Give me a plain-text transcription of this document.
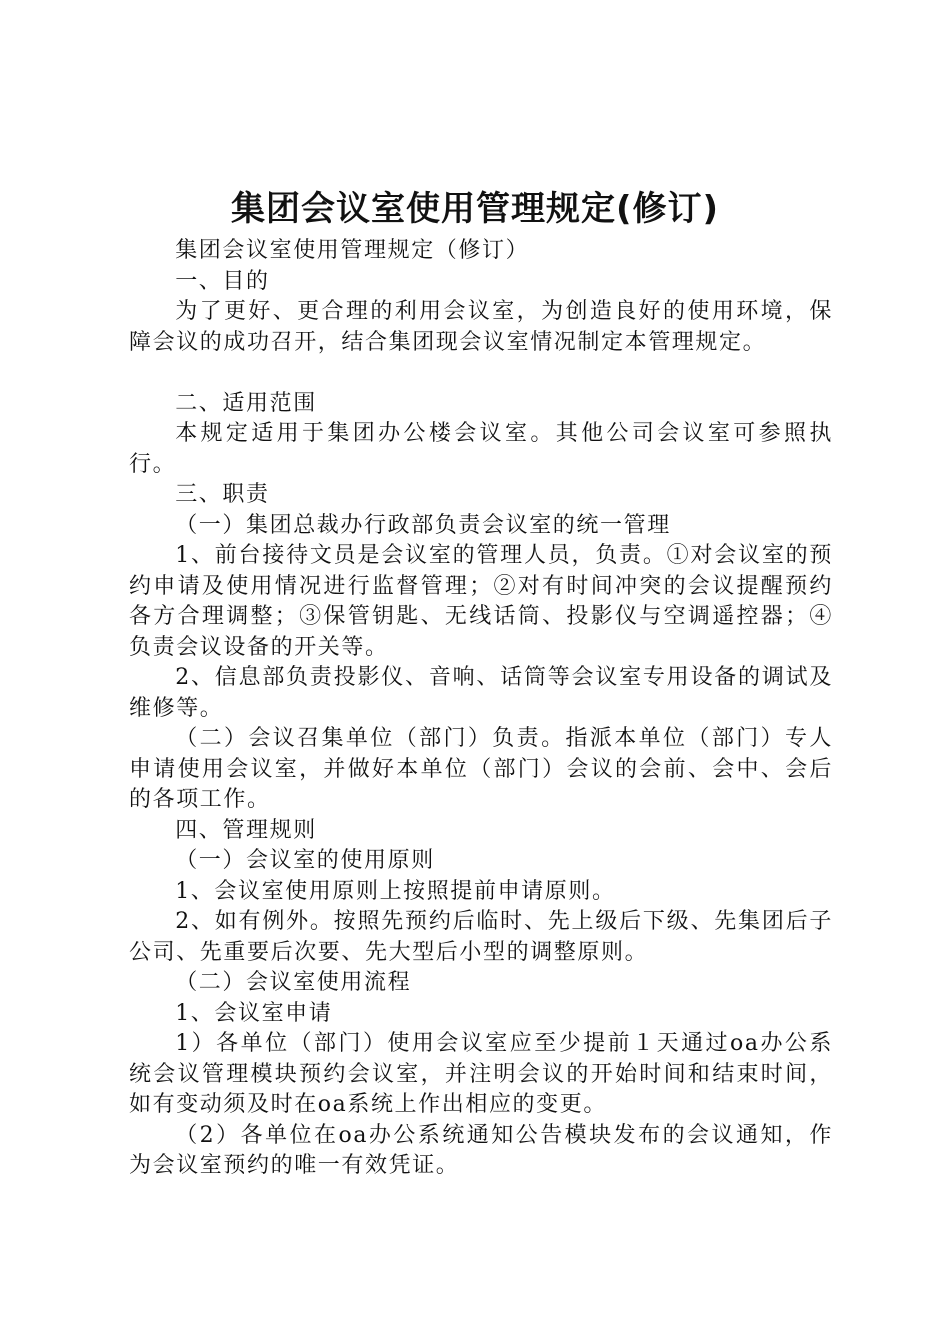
集团会议室使用管理规定(修订)

集团会议室使用管理规定（修订）

一、目的

为了更好、更合理的利用会议室，为创造良好的使用环境，保障会议的成功召开，结合集团现会议室情况制定本管理规定。

二、适用范围

本规定适用于集团办公楼会议室。其他公司会议室可参照执行。

三、职责

（一）集团总裁办行政部负责会议室的统一管理

1、前台接待文员是会议室的管理人员，负责。①对会议室的预约申请及使用情况进行监督管理；②对有时间冲突的会议提醒预约各方合理调整；③保管钥匙、无线话筒、投影仪与空调遥控器；④负责会议设备的开关等。

2、信息部负责投影仪、音响、话筒等会议室专用设备的调试及维修等。

（二）会议召集单位（部门）负责。指派本单位（部门）专人申请使用会议室，并做好本单位（部门）会议的会前、会中、会后的各项工作。

四、管理规则

（一）会议室的使用原则

1、会议室使用原则上按照提前申请原则。

2、如有例外。按照先预约后临时、先上级后下级、先集团后子公司、先重要后次要、先大型后小型的调整原则。

（二）会议室使用流程

1、会议室申请

1）各单位（部门）使用会议室应至少提前１天通过oa办公系统会议管理模块预约会议室，并注明会议的开始时间和结束时间，如有变动须及时在oa系统上作出相应的变更。

（2）各单位在oa办公系统通知公告模块发布的会议通知，作为会议室预约的唯一有效凭证。
